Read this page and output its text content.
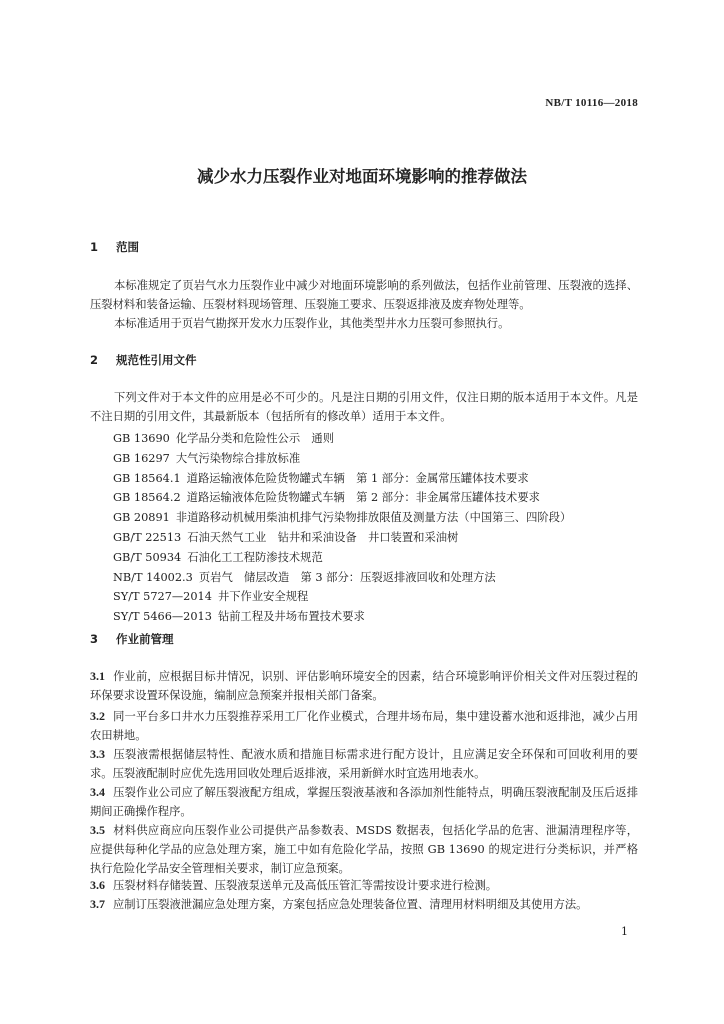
NB/T 10116—2018
减少水力压裂作业对地面环境影响的推荐做法
1 范围
本标准规定了页岩气水力压裂作业中减少对地面环境影响的系列做法，包括作业前管理、压裂液的选择、压裂材料和装备运输、压裂材料现场管理、压裂施工要求、压裂返排液及废弃物处理等。
本标准适用于页岩气勘探开发水力压裂作业，其他类型井水力压裂可参照执行。
2 规范性引用文件
下列文件对于本文件的应用是必不可少的。凡是注日期的引用文件，仅注日期的版本适用于本文件。凡是不注日期的引用文件，其最新版本（包括所有的修改单）适用于本文件。
GB 13690 化学品分类和危险性公示　通则
GB 16297 大气污染物综合排放标准
GB 18564.1 道路运输液体危险货物罐式车辆　第 1 部分：金属常压罐体技术要求
GB 18564.2 道路运输液体危险货物罐式车辆　第 2 部分：非金属常压罐体技术要求
GB 20891 非道路移动机械用柴油机排气污染物排放限值及测量方法（中国第三、四阶段）
GB/T 22513 石油天然气工业　钻井和采油设备　井口装置和采油树
GB/T 50934 石油化工工程防渗技术规范
NB/T 14002.3 页岩气　储层改造　第 3 部分：压裂返排液回收和处理方法
SY/T 5727—2014 井下作业安全规程
SY/T 5466—2013 钻前工程及井场布置技术要求
3 作业前管理
3.1 作业前，应根据目标井情况，识别、评估影响环境安全的因素，结合环境影响评价相关文件对压裂过程的环保要求设置环保设施，编制应急预案并报相关部门备案。
3.2 同一平台多口井水力压裂推荐采用工厂化作业模式，合理井场布局，集中建设蓄水池和返排池，减少占用农田耕地。
3.3 压裂液需根据储层特性、配液水质和措施目标需求进行配方设计，且应满足安全环保和可回收利用的要求。压裂液配制时应优先选用回收处理后返排液，采用新鲜水时宜选用地表水。
3.4 压裂作业公司应了解压裂液配方组成，掌握压裂液基液和各添加剂性能特点，明确压裂液配制及压后返排期间正确操作程序。
3.5 材料供应商应向压裂作业公司提供产品参数表、MSDS 数据表，包括化学品的危害、泄漏清理程序等，应提供每种化学品的应急处理方案，施工中如有危险化学品，按照 GB 13690 的规定进行分类标识，并严格执行危险化学品安全管理相关要求，制订应急预案。
3.6 压裂材料存储装置、压裂液泵送单元及高低压管汇等需按设计要求进行检测。
3.7 应制订压裂液泄漏应急处理方案，方案包括应急处理装备位置、清理用材料明细及其使用方法。
1
